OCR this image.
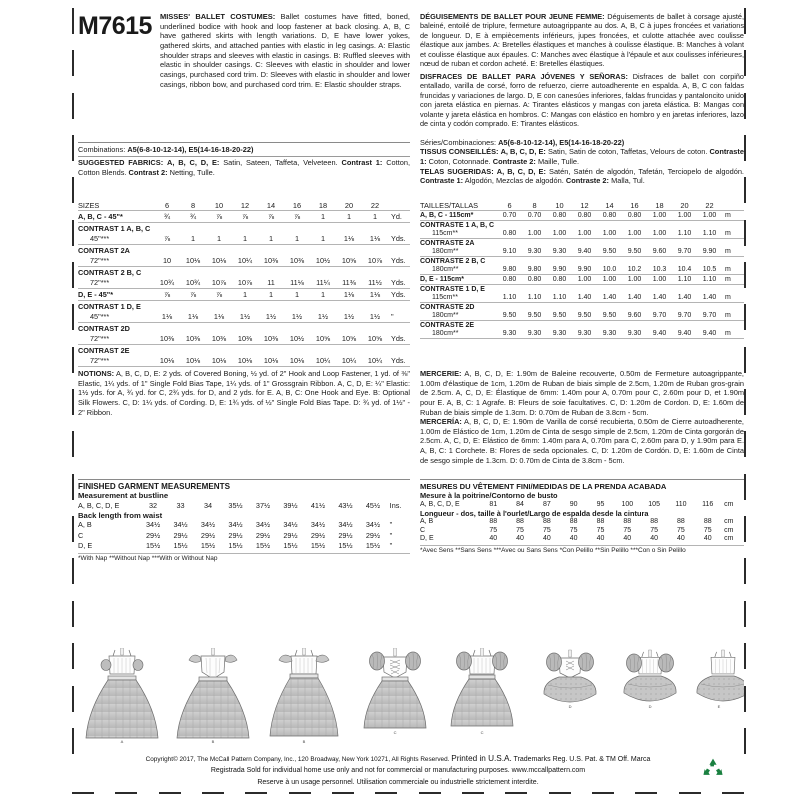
M7615 MISSES' BALLET COSTUMES: Ballet costumes have fitted, boned, underlined bodice with hook and loop fastener at back closing. A, B, C have gathered skirts with length variations. D, E have lower yokes, gathered skirts, and attached panties with elastic in leg casings. A: Elastic shoulder straps and sleeves with elastic in casings. B: Ruffled sleeves with elastic in shoulder casings. C: Sleeves with elastic in shoulder and lower casings, purchased cord trim. D: Sleeves with elastic in shoulder and lower casings, ribbon bow, and purchased cord trim. E: Elastic shoulder straps.
DÉGUISEMENTS DE BALLET POUR JEUNE FEMME: Déguisements de ballet à corsage ajusté, baleiné, entoilé de triplure, fermeture autoagrippante au dos. A, B, C à jupes froncées et variations de longueur. D, E à empiècements inférieurs, jupes froncées, et culotte attachée avec coulisse élastique aux jambes. A: Bretelles élastiques et manches à coulisse élastique. B: Manches à volant et coulisse élastique aux épaules. C: Manches avec élastique à l'épaule et aux coulisses inférieures, nœud de ruban et cordon acheté. E: Bretelles élastiques.
DISFRACES DE BALLET PARA JÓVENES Y SEÑORAS: Disfraces de ballet con corpiño entallado, varilla de corsé, forro de refuerzo, cierre autoadherente en espalda. A, B, C con faldas fruncidas y variaciones de largo. D, E con canesúes inferiores, faldas fruncidas y pantaloncito unido con jareta elástica en piernas. A: Tirantes elásticos y mangas con jareta elástica. B: Mangas con volante y jareta elástica en hombros. C: Mangas con elástico en hombro y en jaretas inferiores, lazo de cinta y codón comprado. E: Tirantes elásticos.
Combinations: A5(6-8-10-12-14), E5(14-16-18-20-22)
SUGGESTED FABRICS: A, B, C, D, E: Satin, Sateen, Taffeta, Velveteen. Contrast 1: Cotton, Cotton Blends. Contrast 2: Netting, Tulle.
Séries/Combinaciones: A5(6-8-10-12-14), E5(14-16-18-20-22)
TISSUS CONSEILLÉS: A, B, C, D, E: Satin, Satin de coton, Taffetas, Velours de coton. Contraste 1: Coton, Cotonnade. Contraste 2: Maille, Tulle.
TELAS SUGERIDAS: A, B, C, D, E: Satén, Satén de algodón, Tafetán, Terciopelo de algodón. Contraste 1: Algodón, Mezclas de algodón. Contraste 2: Malla, Tul.
SIZES	6	8	10	12	14	16	18	20	22	

A, B, C - 45"*	¾	¾	⅞	⅞	⅞	⅞	1	1	1	Yd.

CONTRAST 1 A, B, C										
45"***	⅞	1	1	1	1	1	1	1⅛	1⅛	Yds.

CONTRAST 2A										
72"***	10	10⅛	10⅛	10¼	10⅜	10⅜	10½	10⅝	10⅞	Yds.

CONTRAST 2 B, C										
72"***	10¾	10¾	10⅞	10⅞	11	11⅛	11¼	11⅜	11½	Yds.

D, E - 45"*	⅞	⅞	⅞	1	1	1	1	1⅛	1⅛	Yds.

CONTRAST 1 D, E										
45"***	1⅛	1⅛	1⅛	1½	1½	1½	1½	1½	1½	"

CONTRAST 2D										
72"***	10⅜	10⅜	10⅜	10⅜	10⅜	10½	10⅝	10⅝	10⅝	Yds.

CONTRAST 2E										
72"***	10⅛	10⅛	10⅛	10⅛	10⅛	10⅛	10¼	10¼	10¼	Yds.

TAILLES/TALLAS	6	8	10	12	14	16	18	20	22	

A, B, C - 115cm*	0.70	0.70	0.80	0.80	0.80	0.80	1.00	1.00	1.00	m

CONTRASTE 1 A, B, C										
115cm**	0.80	1.00	1.00	1.00	1.00	1.00	1.00	1.10	1.10	m

CONTRASTE 2A										
180cm**	9.10	9.30	9.30	9.40	9.50	9.50	9.60	9.70	9.90	m

CONTRASTE 2 B, C										
180cm**	9.80	9.80	9.90	9.90	10.0	10.2	10.3	10.4	10.5	m

D, E - 115cm*	0.80	0.80	0.80	1.00	1.00	1.00	1.00	1.10	1.10	m

CONTRASTE 1 D, E										
115cm**	1.10	1.10	1.10	1.40	1.40	1.40	1.40	1.40	1.40	m

CONTRASTE 2D										
180cm**	9.50	9.50	9.50	9.50	9.50	9.60	9.70	9.70	9.70	m

CONTRASTE 2E										
180cm**	9.30	9.30	9.30	9.30	9.30	9.30	9.40	9.40	9.40	m

NOTIONS: A, B, C, D, E: 2 yds. of Covered Boning, ½ yd. of 2" Hook and Loop Fastener, 1 yd. of ⅜" Elastic, 1¼ yds. of 1" Single Fold Bias Tape, 1¼ yds. of 1" Grossgrain Ribbon. A, C, D, E: ¼" Elastic: 1½ yds. for A, ¾ yd. for C, 2¾ yds. for D, and 2 yds. for E. A, B, C: One Hook and Eye. B: Optional Silk Flowers. C, D: 1¼ yds. of Cording. D, E: 1¾ yds. of ½" Single Fold Bias Tape. D: ¾ yd. of 1½" - 2" Ribbon.
MERCERIE: A, B, C, D, E: 1.90m de Baleine recouverte, 0.50m de Fermeture autoagrippante, 1.00m d'élastique de 1cm, 1.20m de Ruban de biais simple de 2.5cm, 1.20m de Ruban gros-grain de 2.5cm. A, C, D, E: Élastique de 6mm: 1.40m pour A, 0.70m pour C, 2.60m pour D, et 1.90m pour E. A, B, C: 1 Agrafe. B: Fleurs de soie facultatives. C, D: 1.20m de Cordon. D, E: 1.60m de Ruban de biais simple de 1.3cm. D: 0.70m de Ruban de 3.8cm - 5cm.
MERCERÍA: A, B, C, D, E: 1.90m de Varilla de corsé recubierta, 0.50m de Cierre autoadherente, 1.00m de Elástico de 1cm, 1.20m de Cinta de sesgo simple de 2.5cm, 1.20m de Cinta gorgorán de 2.5cm. A, C, D, E: Elástico de 6mm: 1.40m para A, 0.70m para C, 2.60m para D, y 1.90m para E. A, B, C: 1 Corchete. B: Flores de seda opcionales. C, D: 1.20m de Cordón. D, E: 1.60m de Cinta de sesgo simple de 1.3cm. D: 0.70m de Cinta de 3.8cm - 5cm.
FINISHED GARMENT MEASUREMENTS
Measurement at bustline
A, B, C, D, E	32	33	34	35½	37½	39½	41½	43½	45½	Ins.
Back length from waist
A, B	34½	34½	34½	34½	34½	34½	34½	34½	34½	"
C	29½	29½	29½	29½	29½	29½	29½	29½	29½	"
D, E	15½	15½	15½	15½	15½	15½	15½	15½	15½	"
*With Nap **Without Nap ***With or Without Nap
MESURES DU VÊTEMENT FINI/MEDIDAS DE LA PRENDA ACABADA
Mesure à la poitrine/Contorno de busto
A, B, C, D, E	81	84	87	90	95	100	105	110	116	cm
Longueur - dos, taille à l'ourlet/Largo de espalda desde la cintura
A, B	88	88	88	88	88	88	88	88	88	cm
C	75	75	75	75	75	75	75	75	75	cm
D, E	40	40	40	40	40	40	40	40	40	cm
*Avec Sens **Sans Sens ***Avec ou Sans Sens *Con Pelillo **Sin Pelillo ***Con o Sin Pelillo
A	B	B
C	C
D	D	E
Copyright© 2017, The McCall Pattern Company, Inc., 120 Broadway, New York 10271, All Rights Reserved. Printed in U.S.A. Trademarks Reg. U.S. Pat. & TM Off. Marca
Registrada Sold for individual home use only and not for commercial or manufacturing purposes. www.mccallpattern.com
Reserve à un usage personnel. Utilisation commerciale ou industrielle strictement interdite.
